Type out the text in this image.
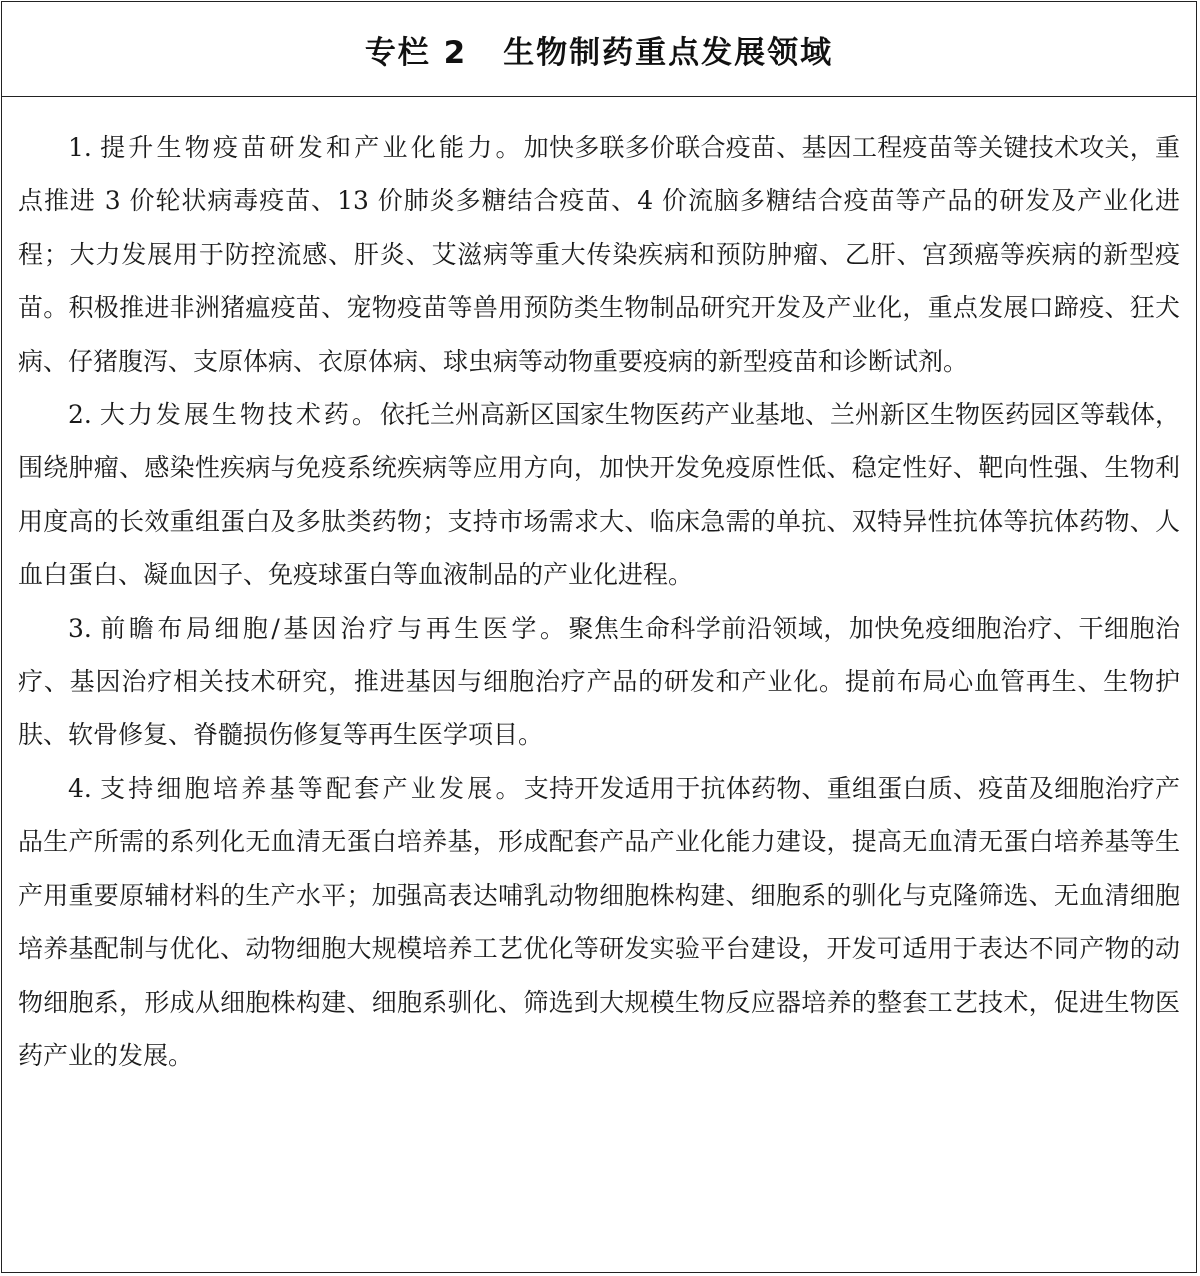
专栏 2 生物制药重点发展领域

1. 提升生物疫苗研发和产业化能力。加快多联多价联合疫苗、基因工程疫苗等关键技术攻关，重点推进 3 价轮状病毒疫苗、13 价肺炎多糖结合疫苗、4 价流脑多糖结合疫苗等产品的研发及产业化进程；大力发展用于防控流感、肝炎、艾滋病等重大传染疾病和预防肿瘤、乙肝、宫颈癌等疾病的新型疫苗。积极推进非洲猪瘟疫苗、宠物疫苗等兽用预防类生物制品研究开发及产业化，重点发展口蹄疫、狂犬病、仔猪腹泻、支原体病、衣原体病、球虫病等动物重要疫病的新型疫苗和诊断试剂。

2. 大力发展生物技术药。依托兰州高新区国家生物医药产业基地、兰州新区生物医药园区等载体，围绕肿瘤、感染性疾病与免疫系统疾病等应用方向，加快开发免疫原性低、稳定性好、靶向性强、生物利用度高的长效重组蛋白及多肽类药物；支持市场需求大、临床急需的单抗、双特异性抗体等抗体药物、人血白蛋白、凝血因子、免疫球蛋白等血液制品的产业化进程。

3. 前瞻布局细胞/基因治疗与再生医学。聚焦生命科学前沿领域，加快免疫细胞治疗、干细胞治疗、基因治疗相关技术研究，推进基因与细胞治疗产品的研发和产业化。提前布局心血管再生、生物护肤、软骨修复、脊髓损伤修复等再生医学项目。

4. 支持细胞培养基等配套产业发展。支持开发适用于抗体药物、重组蛋白质、疫苗及细胞治疗产品生产所需的系列化无血清无蛋白培养基，形成配套产品产业化能力建设，提高无血清无蛋白培养基等生产用重要原辅材料的生产水平；加强高表达哺乳动物细胞株构建、细胞系的驯化与克隆筛选、无血清细胞培养基配制与优化、动物细胞大规模培养工艺优化等研发实验平台建设，开发可适用于表达不同产物的动物细胞系，形成从细胞株构建、细胞系驯化、筛选到大规模生物反应器培养的整套工艺技术，促进生物医药产业的发展。
